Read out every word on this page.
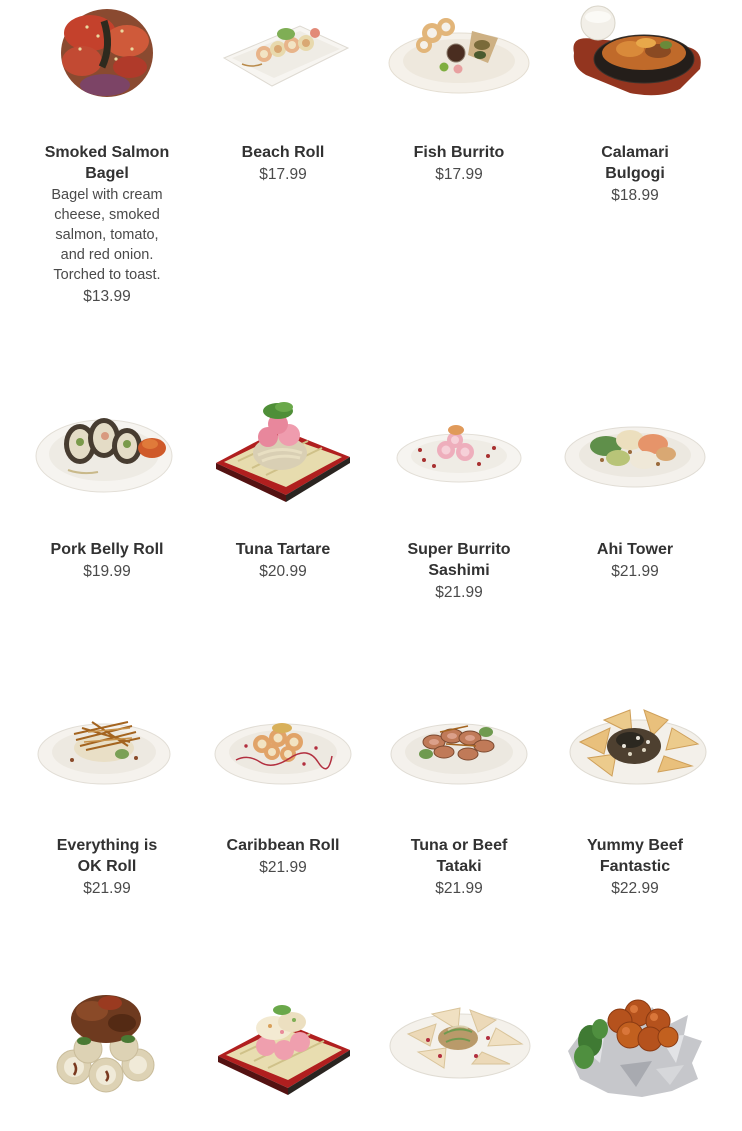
Smoked Salmon Bagel

Bagel with cream cheese, smoked salmon, tomato, and red onion. Torched to toast.

$13.99

Beach Roll

$17.99

Fish Burrito

$17.99

Calamari Bulgogi

$18.99

Pork Belly Roll

$19.99

Tuna Tartare

$20.99

Super Burrito Sashimi

$21.99

Ahi Tower

$21.99

Everything is OK Roll

$21.99

Caribbean Roll

$21.99

Tuna or Beef Tataki

$21.99

Yummy Beef Fantastic

$22.99
